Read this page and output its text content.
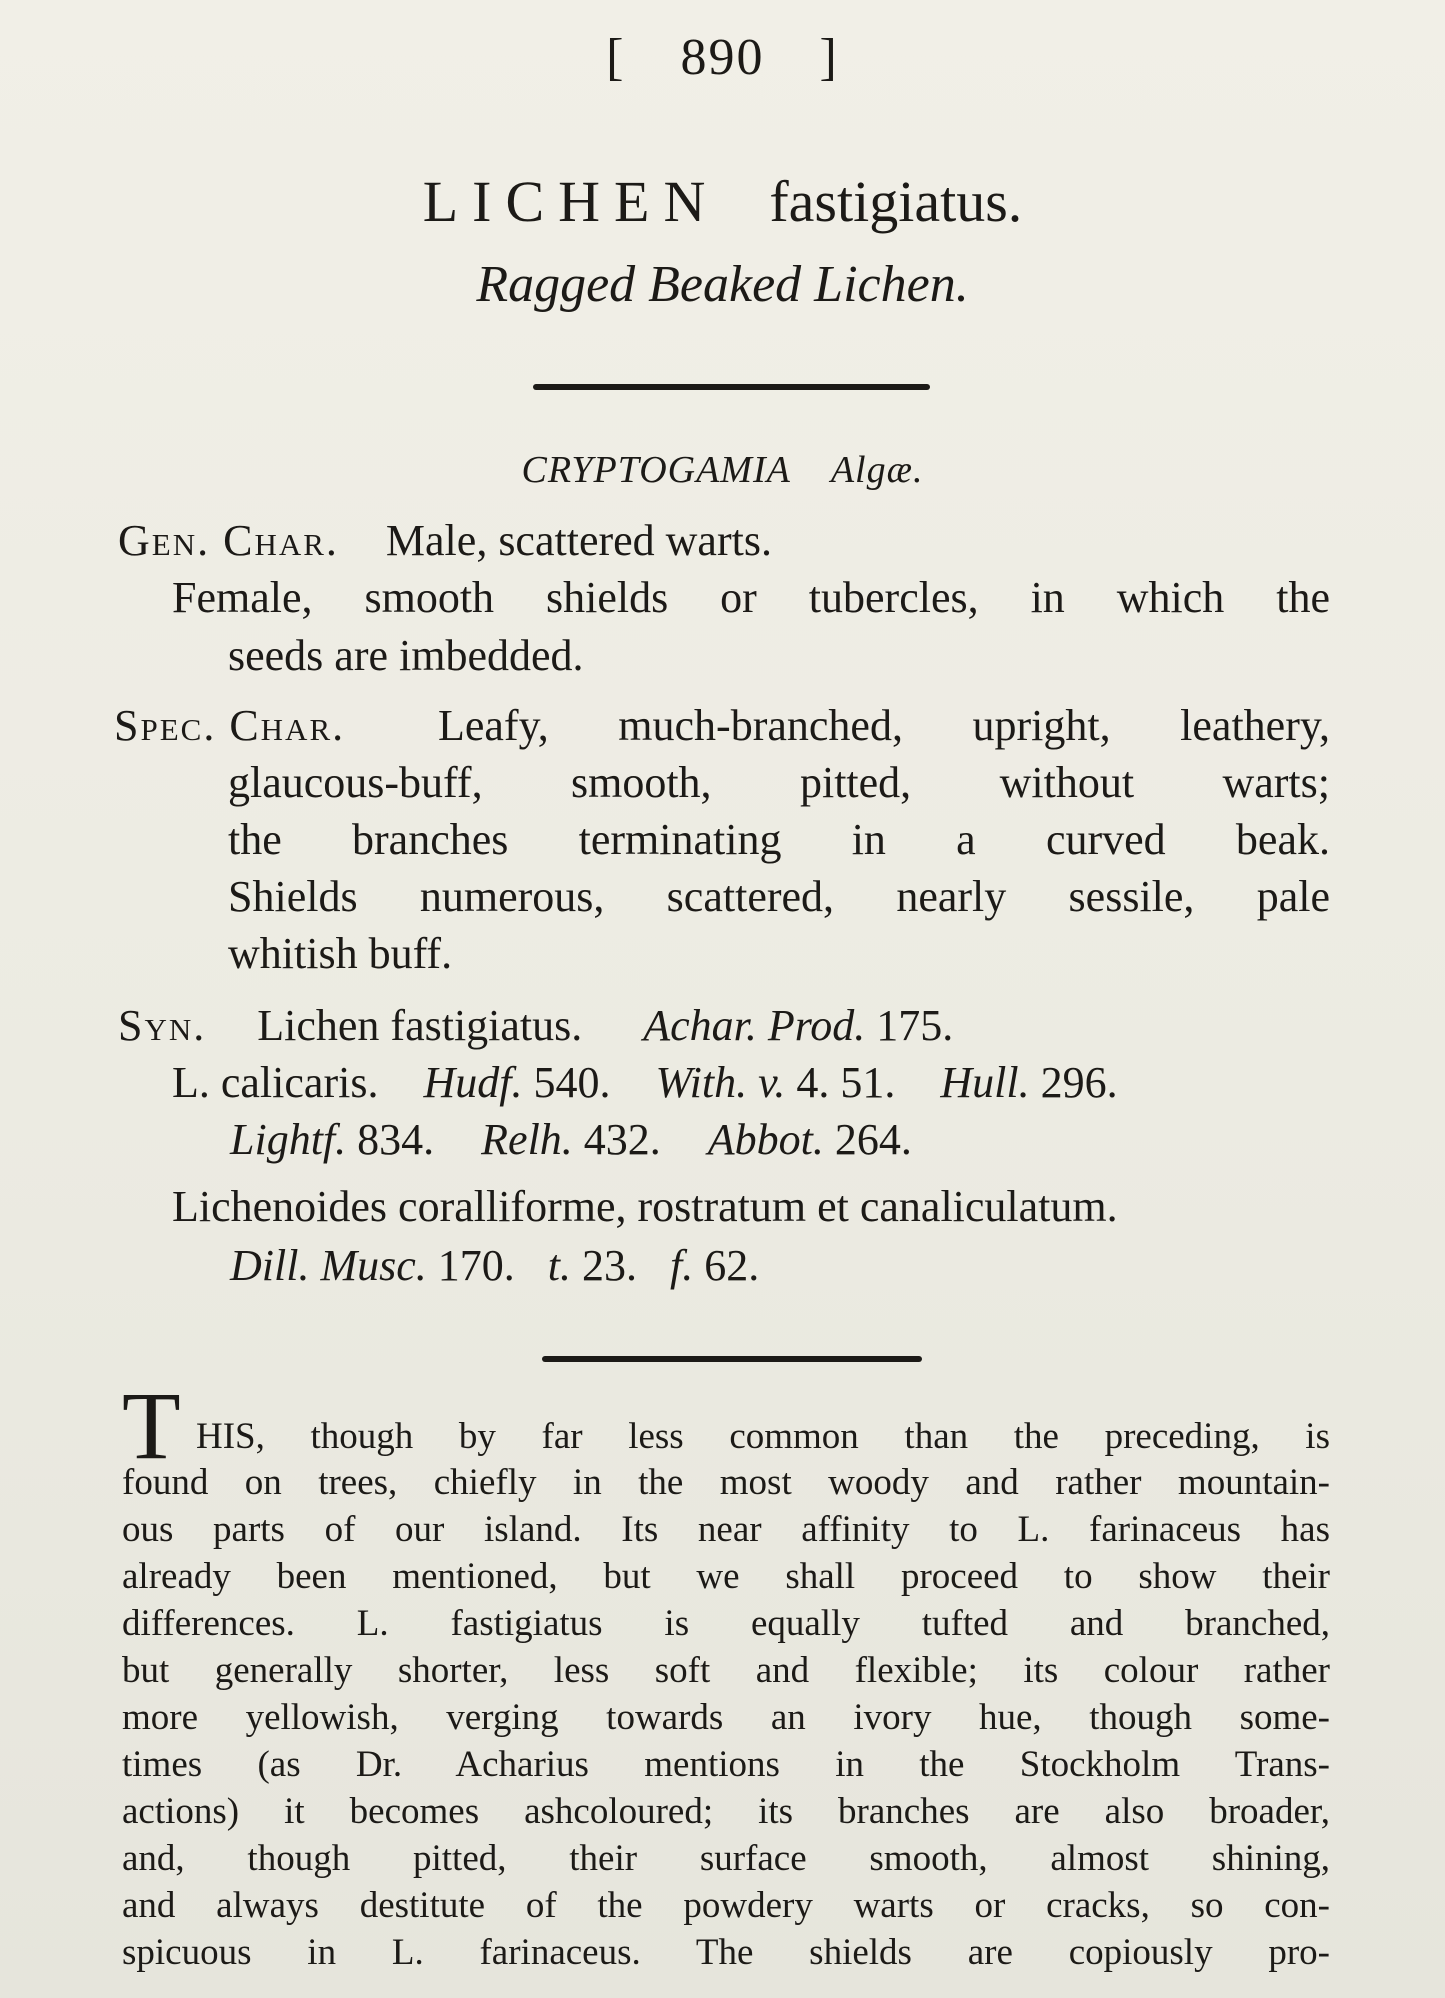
[ 890 ]
LICHEN fastigiatus.
Ragged Beaked Lichen.
CRYPTOGAMIA Algæ.
Gen. Char. Male, scattered warts.
Female, smooth shields or tubercles, in which the
seeds are imbedded.
Spec. Char. Leafy, much-branched, upright, leathery,
glaucous-buff, smooth, pitted, without warts;
the branches terminating in a curved beak.
Shields numerous, scattered, nearly sessile, pale
whitish buff.
Syn. Lichen fastigiatus. Achar. Prod. 175.
L. calicaris. Hudf. 540. With. v. 4. 51. Hull. 296.
Lightf. 834. Relh. 432. Abbot. 264.
Lichenoides coralliforme, rostratum et canaliculatum.
Dill. Musc. 170. t. 23. f. 62.
T HIS, though by far less common than the preceding, is
found on trees, chiefly in the most woody and rather mountain-
ous parts of our island. Its near affinity to L. farinaceus has
already been mentioned, but we shall proceed to show their
differences. L. fastigiatus is equally tufted and branched,
but generally shorter, less soft and flexible; its colour rather
more yellowish, verging towards an ivory hue, though some-
times (as Dr. Acharius mentions in the Stockholm Trans-
actions) it becomes ashcoloured; its branches are also broader,
and, though pitted, their surface smooth, almost shining,
and always destitute of the powdery warts or cracks, so con-
spicuous in L. farinaceus. The shields are copiously pro-
